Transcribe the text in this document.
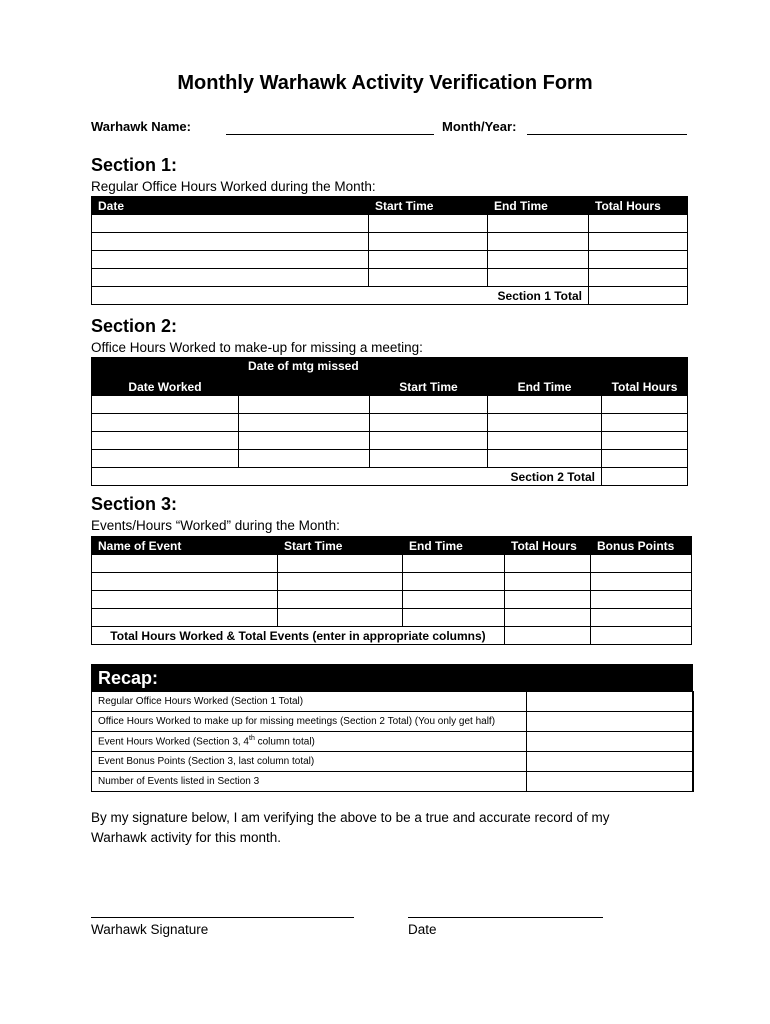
Monthly Warhawk Activity Verification Form
Warhawk Name:	Month/Year:
Section 1:
Regular Office Hours Worked during the Month:
Date	Start Time	End Time	Total Hours

Section 1 Total			
Section 2:
Office Hours Worked to make-up for missing a meeting:
Date Worked	Date of mtg missed	Start Time	End Time	Total Hours

Section 2 Total				
Section 3:
Events/Hours “Worked” during the Month:
Name of Event	Start Time	End Time	Total Hours	Bonus Points

Total Hours Worked & Total Events (enter in appropriate columns)				
Recap:
Regular Office Hours Worked (Section 1 Total)	
Office Hours Worked to make up for missing meetings (Section 2 Total) (You only get half)	
Event Hours Worked (Section 3, 4th column total)	
Event Bonus Points (Section 3, last column total)	
Number of Events listed in Section 3	
By my signature below, I am verifying the above to be a true and accurate record of my Warhawk activity for this month.
Warhawk Signature	Date
